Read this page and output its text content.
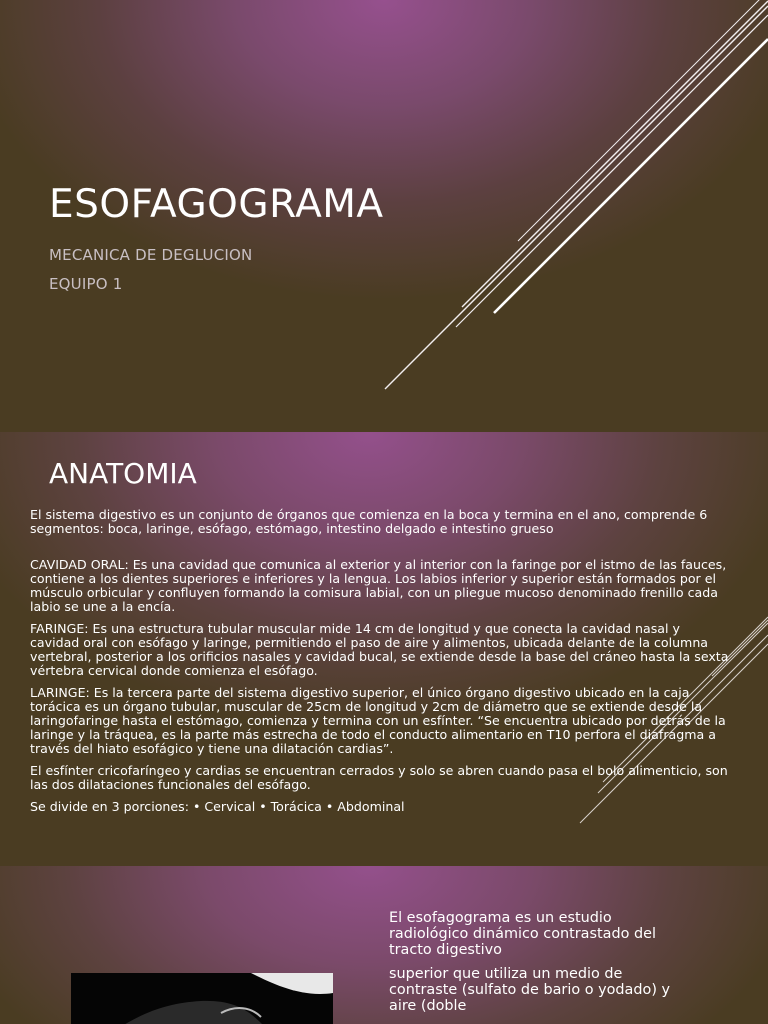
ESOFAGOGRAMA
MECANICA DE DEGLUCION
EQUIPO 1
ANATOMIA

El sistema digestivo es un conjunto de órganos que comienza en la boca y termina en el ano, comprende 6 segmentos: boca, laringe, esófago, estómago, intestino delgado e intestino grueso

CAVIDAD ORAL: Es una cavidad que comunica al exterior y al interior con la faringe por el istmo de las fauces, contiene a los dientes superiores e inferiores y la lengua. Los labios inferior y superior están formados por el músculo orbicular y confluyen formando la comisura labial, con un pliegue mucoso denominado frenillo cada labio se une a la encía.

FARINGE: Es una estructura tubular muscular mide 14 cm de longitud y que conecta la cavidad nasal y cavidad oral con esófago y laringe, permitiendo el paso de aire y alimentos, ubicada delante de la columna vertebral, posterior a los orificios nasales y cavidad bucal, se extiende desde la base del cráneo hasta la sexta vértebra cervical donde comienza el esófago.

LARINGE: Es la tercera parte del sistema digestivo superior, el único órgano digestivo ubicado en la caja torácica es un órgano tubular, muscular de 25cm de longitud y 2cm de diámetro que se extiende desde la laringofaringe hasta el estómago, comienza y termina con un esfínter. “Se encuentra ubicado por detrás de la laringe y la tráquea, es la parte más estrecha de todo el conducto alimentario en T10 perfora el diafragma a través del hiato esofágico y tiene una dilatación cardias”.

El esfínter cricofaríngeo y cardias se encuentran cerrados y solo se abren cuando pasa el bolo alimenticio, son las dos dilataciones funcionales del esófago.

Se divide en 3 porciones: • Cervical • Torácica • Abdominal

El esofagograma es un estudio radiológico dinámico contrastado del tracto digestivo

superior que utiliza un medio de contraste (sulfato de bario o yodado) y aire (doble
